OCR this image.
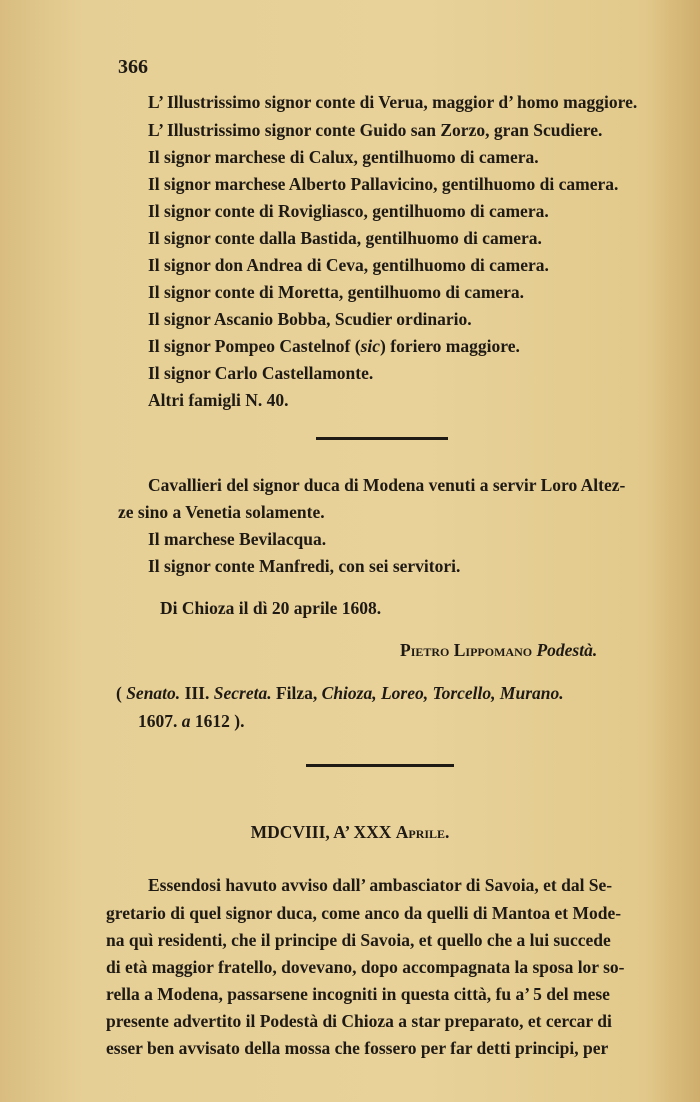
366
L’ Illustrissimo signor conte di Verua, maggior d’ homo maggiore.
L’ Illustrissimo signor conte Guido san Zorzo, gran Scudiere.
Il signor marchese di Calux, gentilhuomo di camera.
Il signor marchese Alberto Pallavicino, gentilhuomo di camera.
Il signor conte di Rovigliasco, gentilhuomo di camera.
Il signor conte dalla Bastida, gentilhuomo di camera.
Il signor don Andrea di Ceva, gentilhuomo di camera.
Il signor conte di Moretta, gentilhuomo di camera.
Il signor Ascanio Bobba, Scudier ordinario.
Il signor Pompeo Castelnof (sic) foriero maggiore.
Il signor Carlo Castellamonte.
Altri famigli N. 40.
Cavallieri del signor duca di Modena venuti a servir Loro Altez-
ze sino a Venetia solamente.
Il marchese Bevilacqua.
Il signor conte Manfredi, con sei servitori.
Di Chioza il dì 20 aprile 1608.
Pietro Lippomano Podestà.
( Senato. III. Secreta. Filza, Chioza, Loreo, Torcello, Murano.
1607. a 1612 ).
MDCVIII, A’ XXX Aprile.
Essendosi havuto avviso dall’ ambasciator di Savoia, et dal Se-
gretario di quel signor duca, come anco da quelli di Mantoa et Mode-
na quì residenti, che il principe di Savoia, et quello che a lui succede
di età maggior fratello, dovevano, dopo accompagnata la sposa lor so-
rella a Modena, passarsene incogniti in questa città, fu a’ 5 del mese
presente advertito il Podestà di Chioza a star preparato, et cercar di
esser ben avvisato della mossa che fossero per far detti principi, per
